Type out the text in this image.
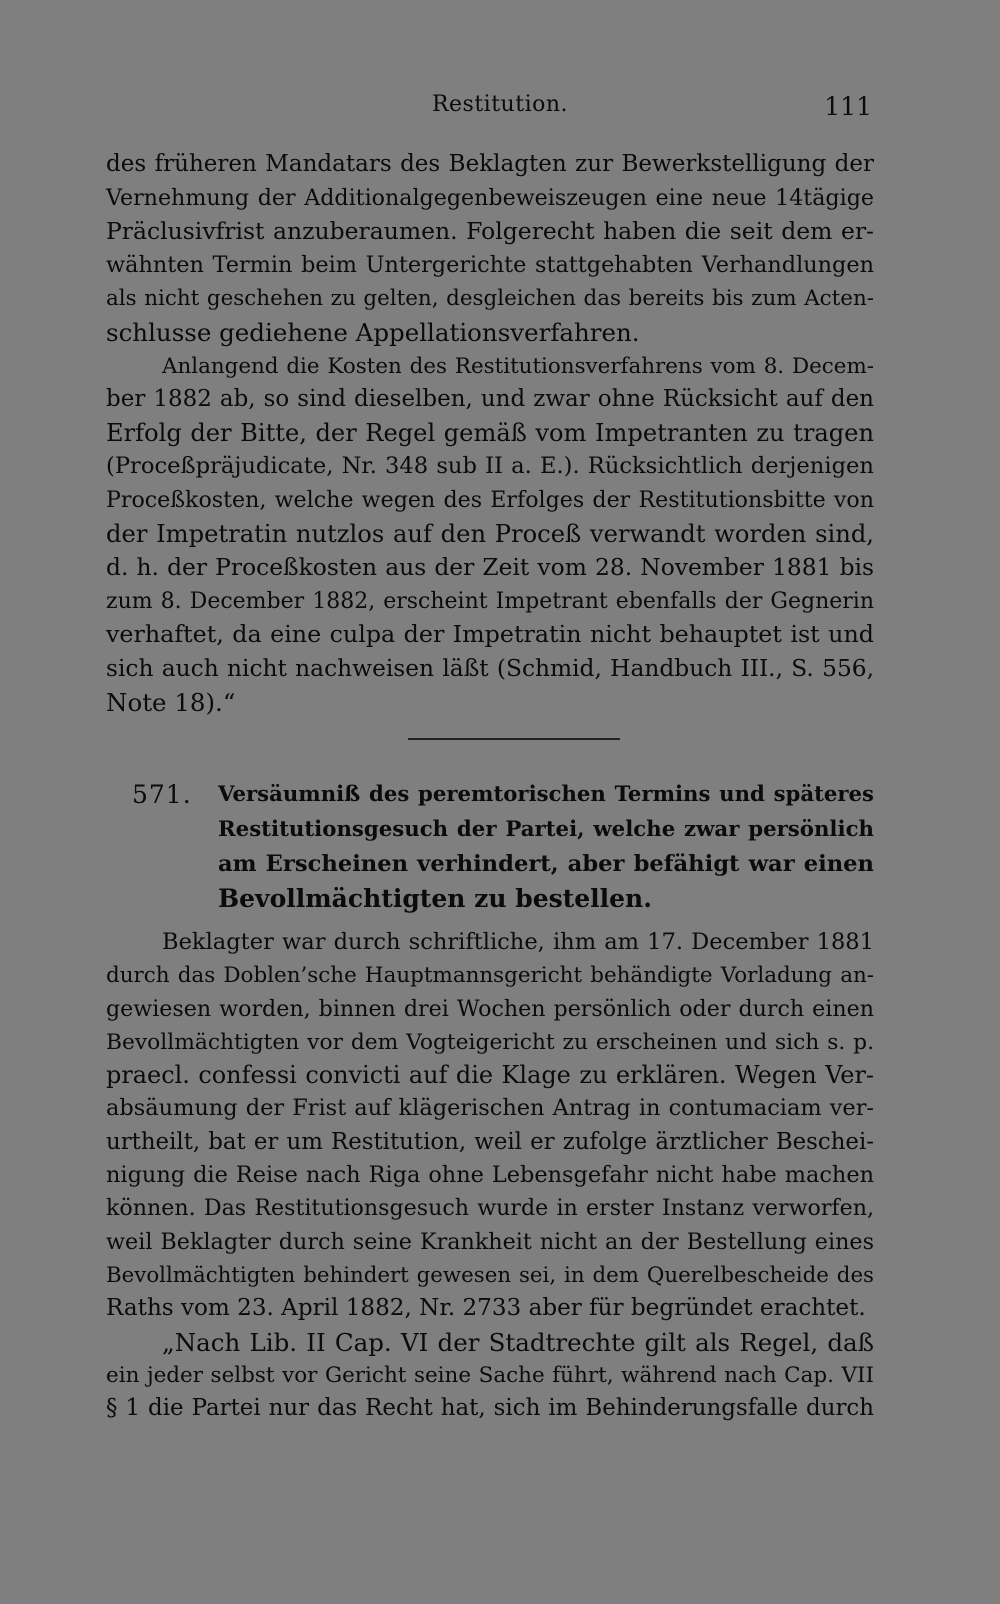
Restitution.	111
des früheren Mandatars des Beklagten zur Bewerkstelligung der
Vernehmung der Additionalgegenbeweiszeugen eine neue 14tägige
Präclusivfrist anzuberaumen. Folgerecht haben die seit dem er-
wähnten Termin beim Untergerichte stattgehabten Verhandlungen
als nicht geschehen zu gelten, desgleichen das bereits bis zum Acten-
schlusse gediehene Appellationsverfahren.
Anlangend die Kosten des Restitutionsverfahrens vom 8. Decem-
ber 1882 ab, so sind dieselben, und zwar ohne Rücksicht auf den
Erfolg der Bitte, der Regel gemäß vom Impetranten zu tragen
(Proceßpräjudicate, Nr. 348 sub II a. E.). Rücksichtlich derjenigen
Proceßkosten, welche wegen des Erfolges der Restitutionsbitte von
der Impetratin nutzlos auf den Proceß verwandt worden sind,
d. h. der Proceßkosten aus der Zeit vom 28. November 1881 bis
zum 8. December 1882, erscheint Impetrant ebenfalls der Gegnerin
verhaftet, da eine culpa der Impetratin nicht behauptet ist und
sich auch nicht nachweisen läßt (Schmid, Handbuch III., S. 556,
Note 18).“
571. Versäumniß des peremtorischen Termins und späteres
Restitutionsgesuch der Partei, welche zwar persönlich
am Erscheinen verhindert, aber befähigt war einen
Bevollmächtigten zu bestellen.
Beklagter war durch schriftliche, ihm am 17. December 1881
durch das Doblen’sche Hauptmannsgericht behändigte Vorladung an-
gewiesen worden, binnen drei Wochen persönlich oder durch einen
Bevollmächtigten vor dem Vogteigericht zu erscheinen und sich s. p.
praecl. confessi convicti auf die Klage zu erklären. Wegen Ver-
absäumung der Frist auf klägerischen Antrag in contumaciam ver-
urtheilt, bat er um Restitution, weil er zufolge ärztlicher Beschei-
nigung die Reise nach Riga ohne Lebensgefahr nicht habe machen
können. Das Restitutionsgesuch wurde in erster Instanz verworfen,
weil Beklagter durch seine Krankheit nicht an der Bestellung eines
Bevollmächtigten behindert gewesen sei, in dem Querelbescheide des
Raths vom 23. April 1882, Nr. 2733 aber für begründet erachtet.
„Nach Lib. II Cap. VI der Stadtrechte gilt als Regel, daß
ein jeder selbst vor Gericht seine Sache führt, während nach Cap. VII
§ 1 die Partei nur das Recht hat, sich im Behinderungsfalle durch
